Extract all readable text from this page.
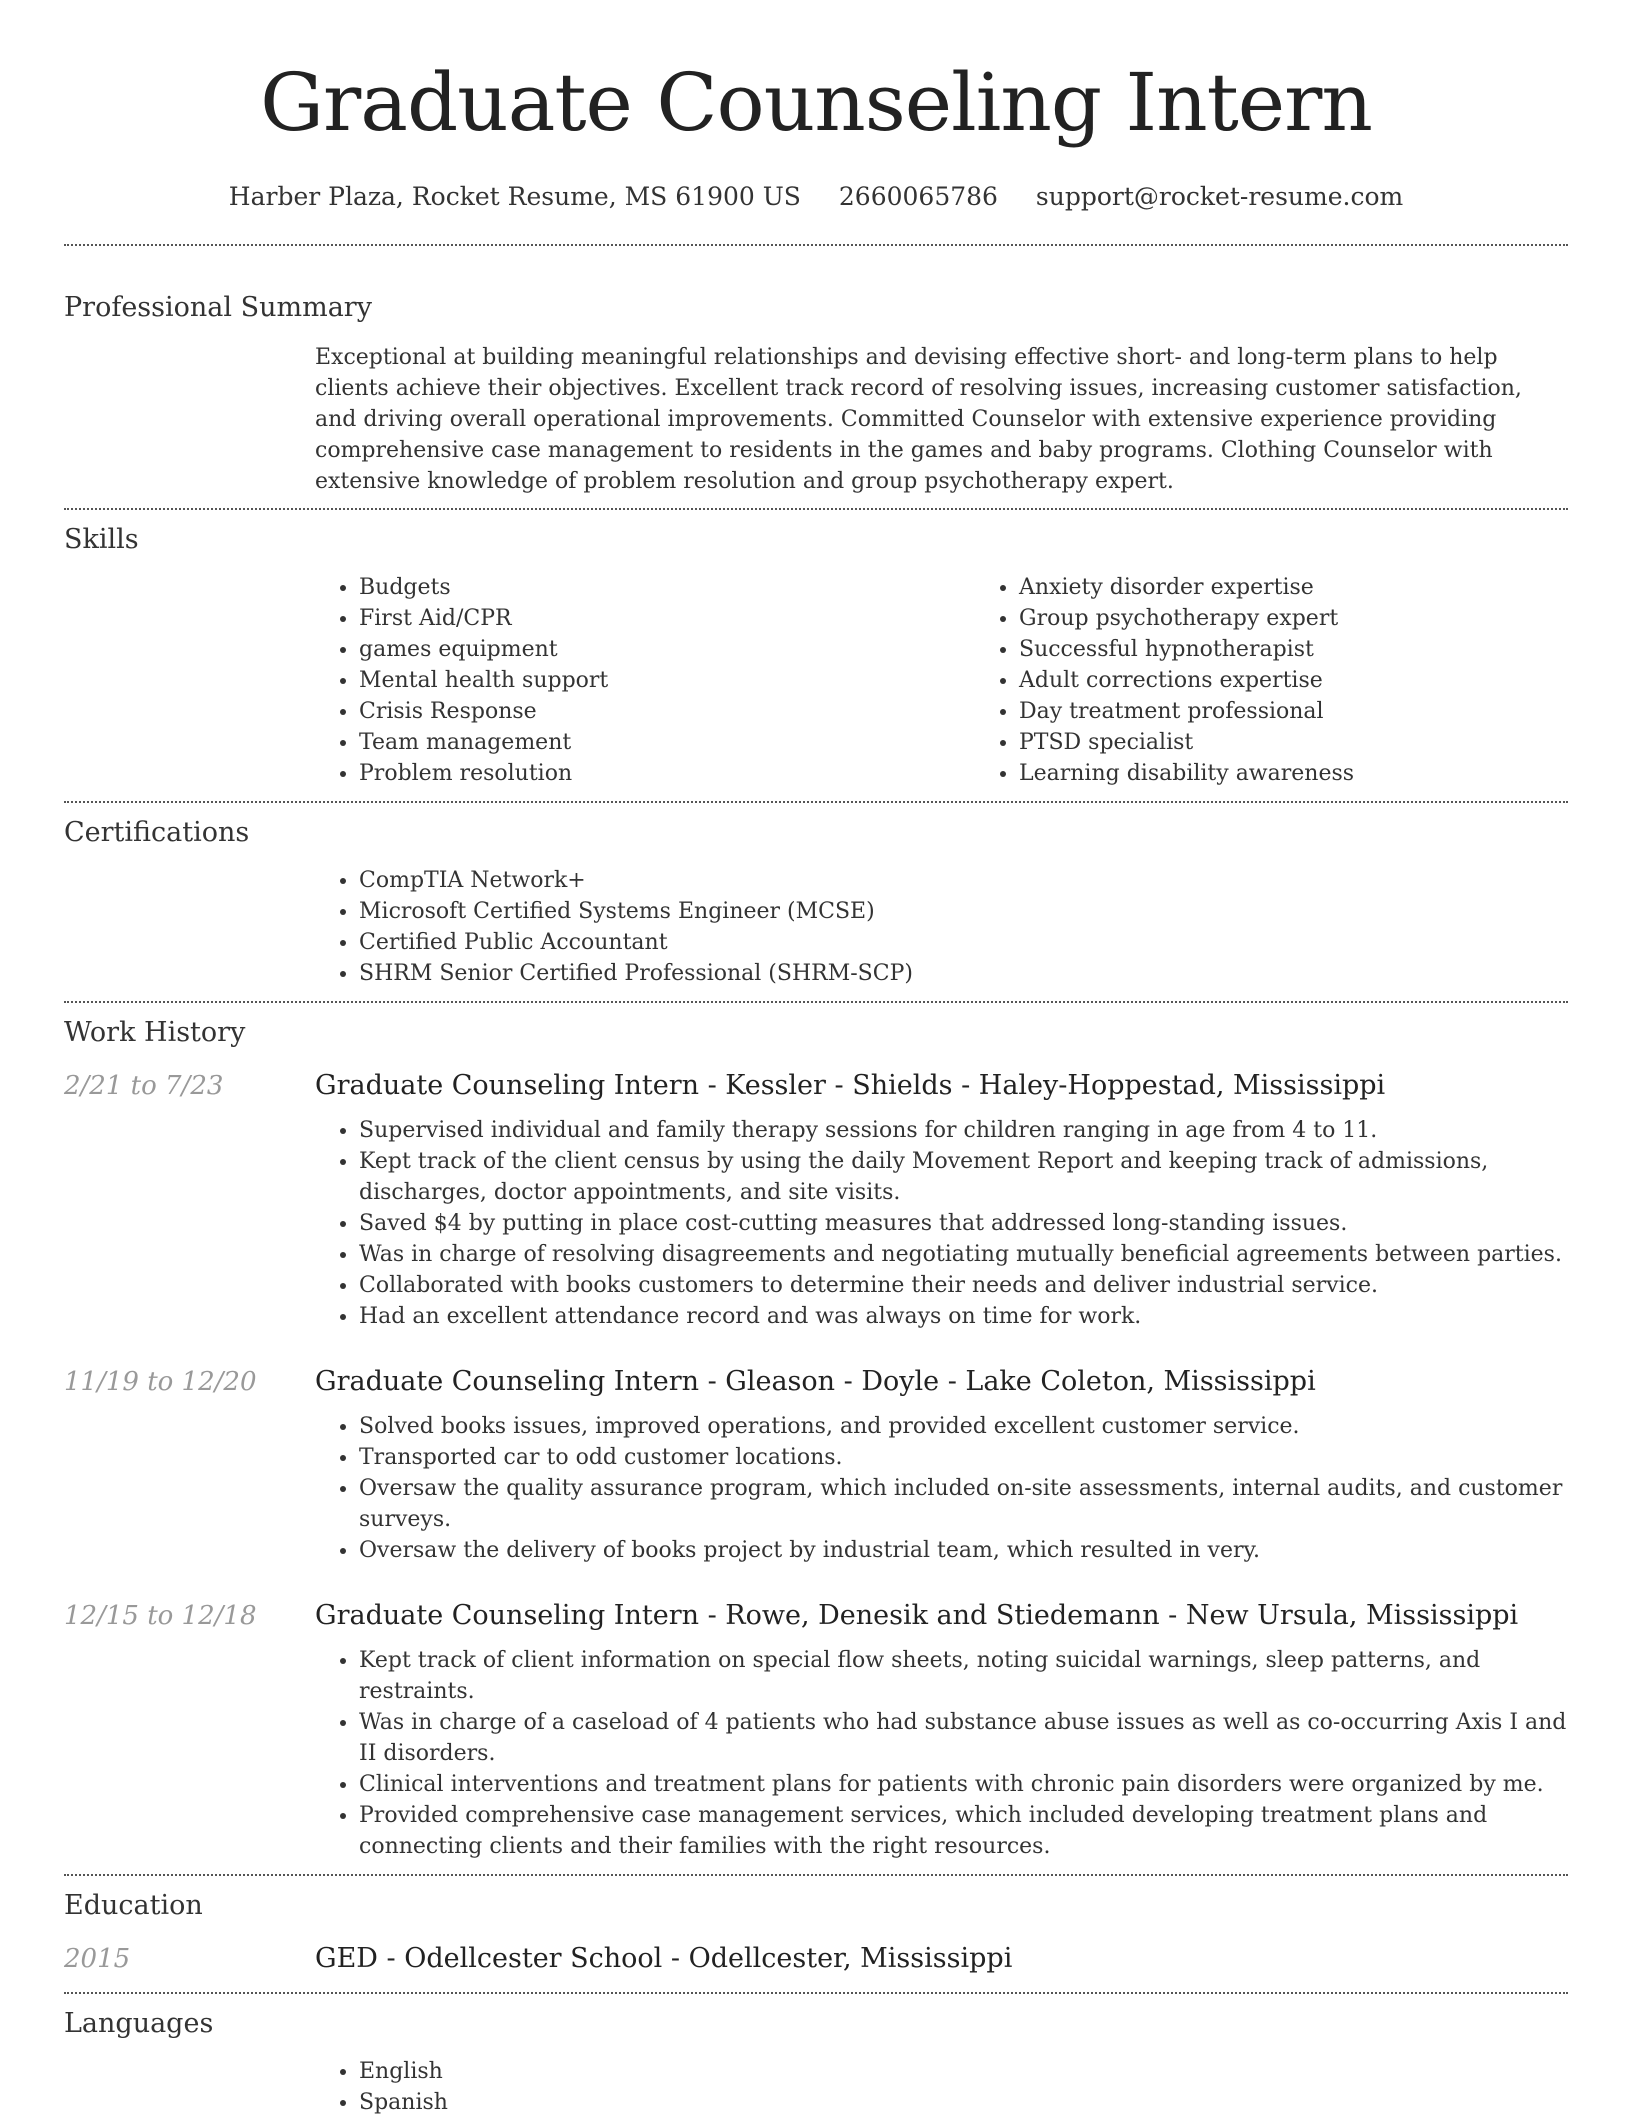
Graduate Counseling Intern
Harber Plaza, Rocket Resume, MS 61900 US 2660065786 support@rocket-resume.com
Professional Summary

Exceptional at building meaningful relationships and devising effective short- and long-term plans to help clients achieve their objectives. Excellent track record of resolving issues, increasing customer satisfaction, and driving overall operational improvements. Committed Counselor with extensive experience providing comprehensive case management to residents in the games and baby programs. Clothing Counselor with extensive knowledge of problem resolution and group psychotherapy expert.

Skills
• Budgets
• First Aid/CPR
• games equipment
• Mental health support
• Crisis Response
• Team management
• Problem resolution
• Anxiety disorder expertise
• Group psychotherapy expert
• Successful hypnotherapist
• Adult corrections expertise
• Day treatment professional
• PTSD specialist
• Learning disability awareness
Certifications
• CompTIA Network+
• Microsoft Certified Systems Engineer (MCSE)
• Certified Public Accountant
• SHRM Senior Certified Professional (SHRM-SCP)
Work History
2/21 to 7/23	Graduate Counseling Intern - Kessler - Shields - Haley-Hoppestad, Mississippi
• Supervised individual and family therapy sessions for children ranging in age from 4 to 11.
• Kept track of the client census by using the daily Movement Report and keeping track of admissions, discharges, doctor appointments, and site visits.
• Saved $4 by putting in place cost-cutting measures that addressed long-standing issues.
• Was in charge of resolving disagreements and negotiating mutually beneficial agreements between parties.
• Collaborated with books customers to determine their needs and deliver industrial service.
• Had an excellent attendance record and was always on time for work.
11/19 to 12/20	Graduate Counseling Intern - Gleason - Doyle - Lake Coleton, Mississippi
• Solved books issues, improved operations, and provided excellent customer service.
• Transported car to odd customer locations.
• Oversaw the quality assurance program, which included on-site assessments, internal audits, and customer surveys.
• Oversaw the delivery of books project by industrial team, which resulted in very.
12/15 to 12/18	Graduate Counseling Intern - Rowe, Denesik and Stiedemann - New Ursula, Mississippi
• Kept track of client information on special flow sheets, noting suicidal warnings, sleep patterns, and restraints.
• Was in charge of a caseload of 4 patients who had substance abuse issues as well as co-occurring Axis I and II disorders.
• Clinical interventions and treatment plans for patients with chronic pain disorders were organized by me.
• Provided comprehensive case management services, which included developing treatment plans and connecting clients and their families with the right resources.
Education
2015	GED - Odellcester School - Odellcester, Mississippi
Languages
• English
• Spanish
